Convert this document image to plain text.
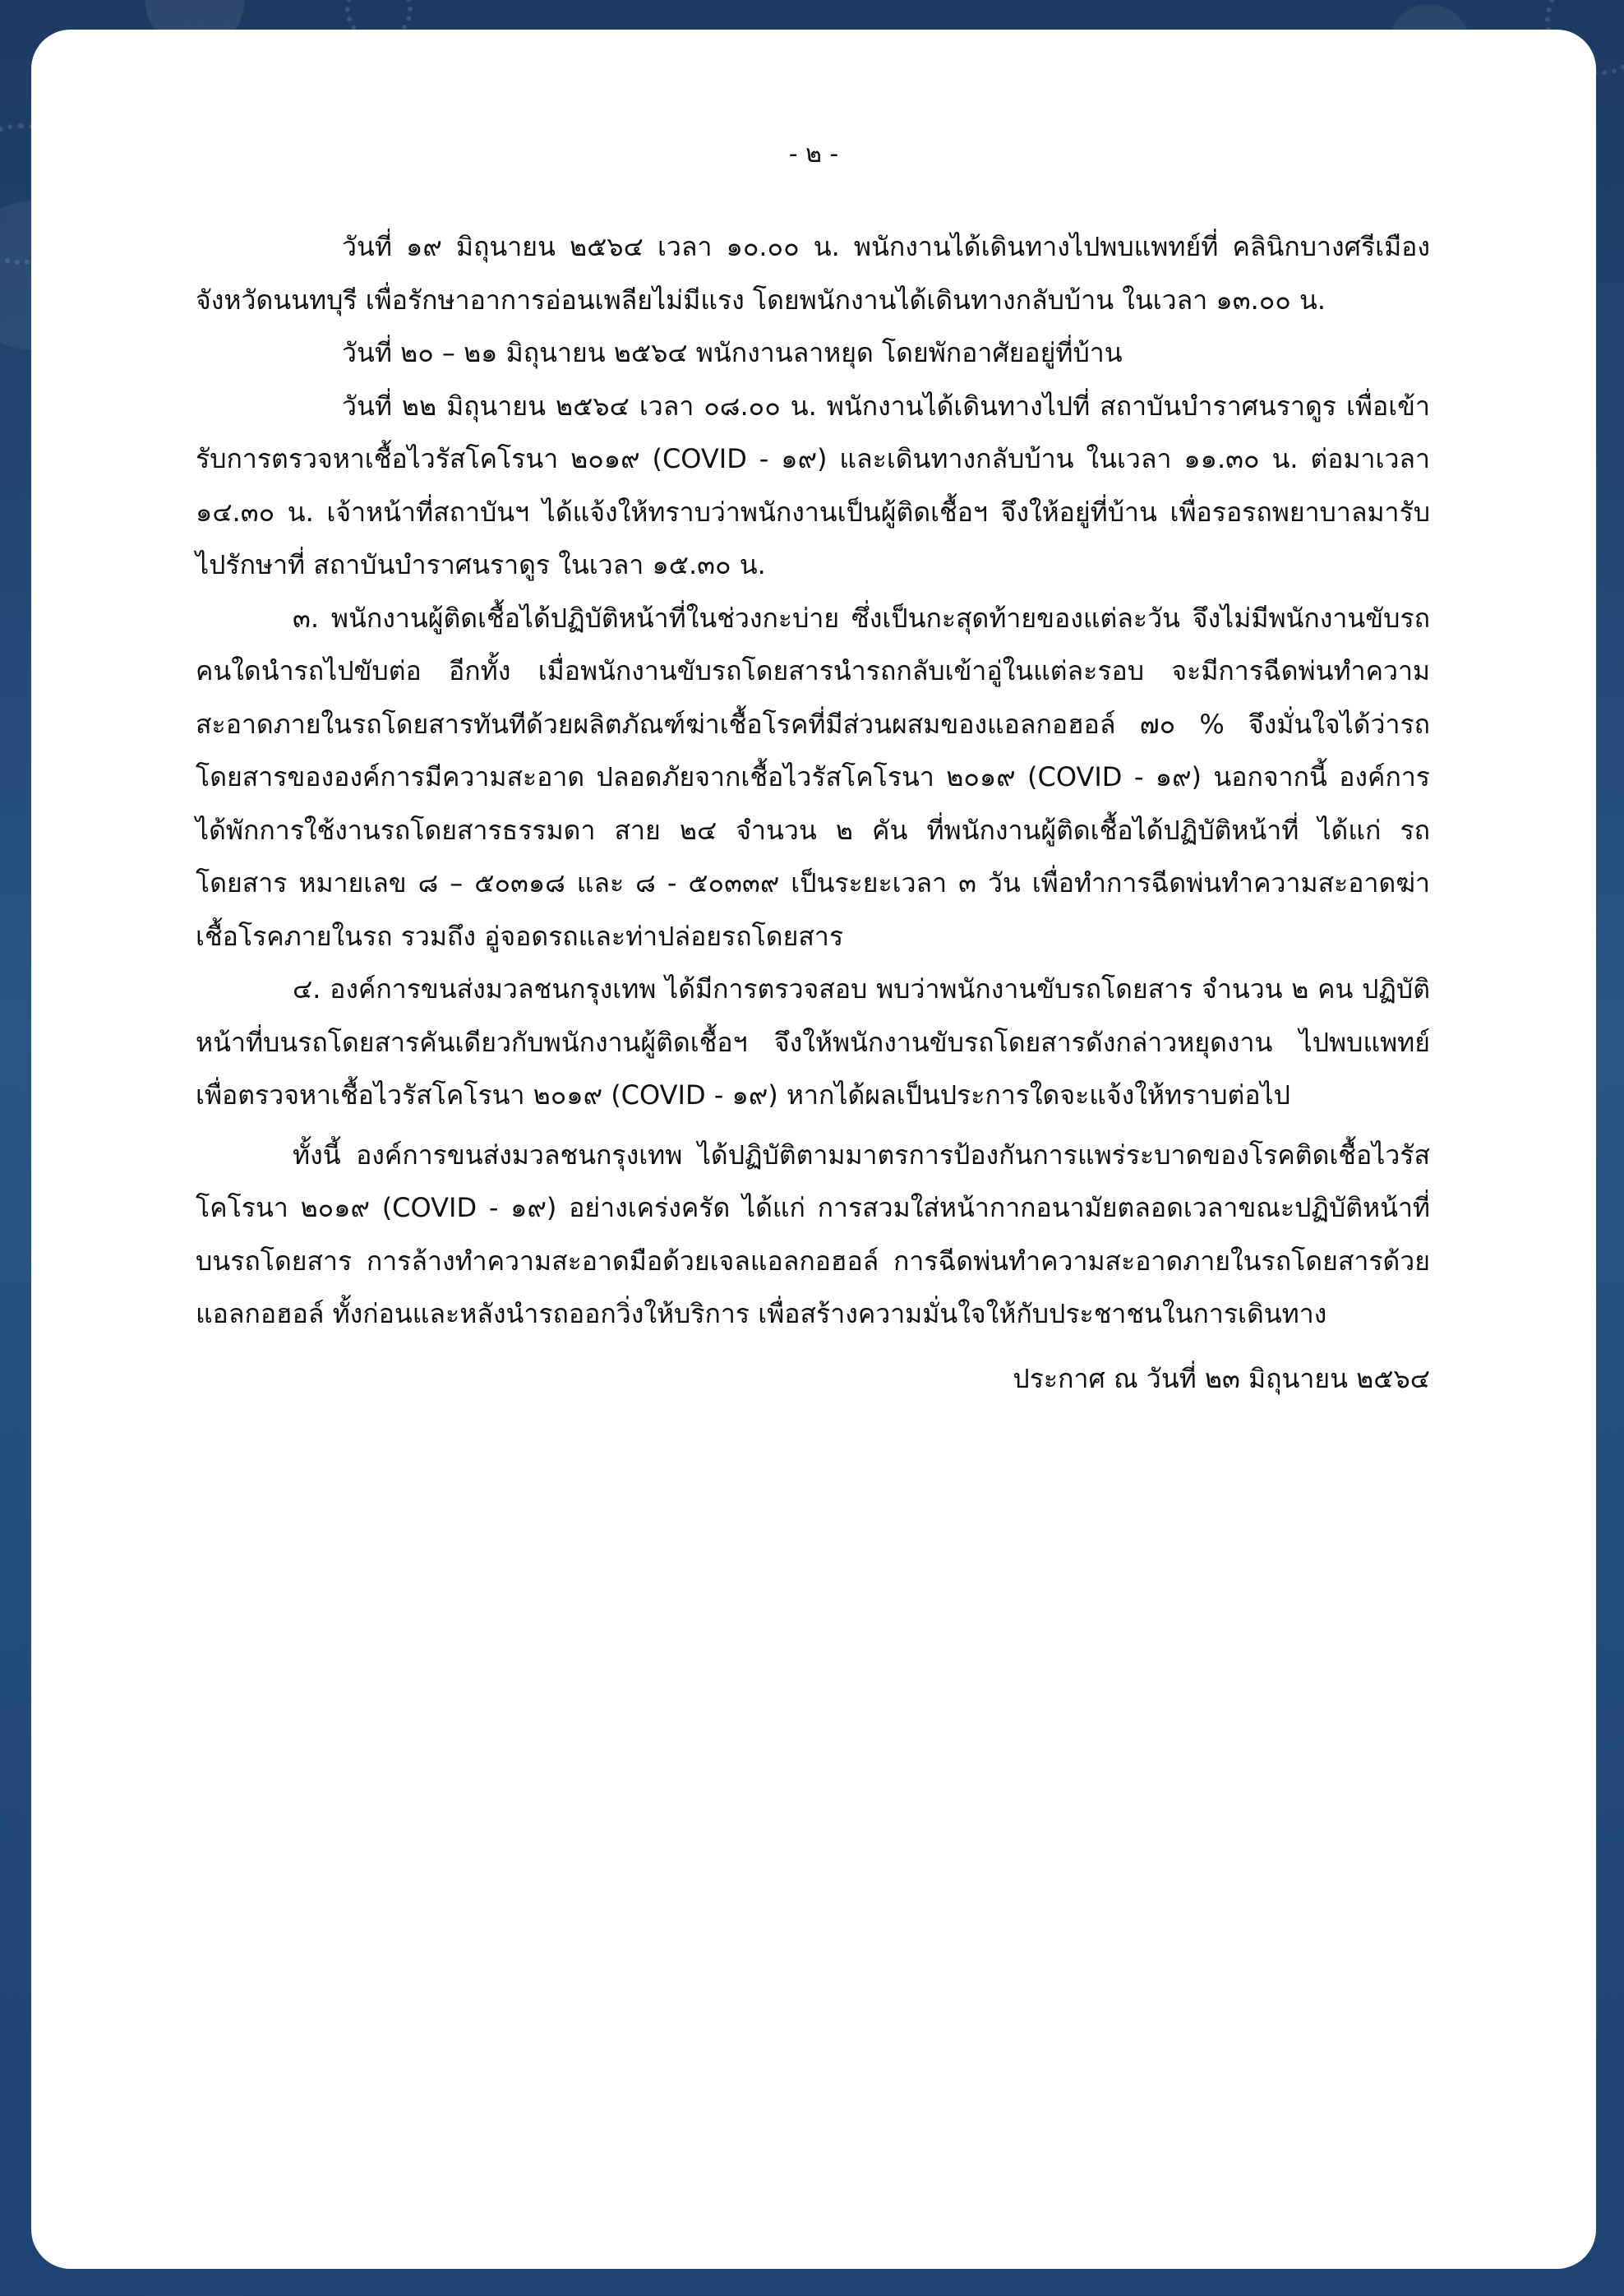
- ๒ -

วันที่ ๑๙ มิถุนายน ๒๕๖๔ เวลา ๑๐.๐๐ น. พนักงานได้เดินทางไปพบแพทย์ที่ คลินิกบางศรีเมือง จังหวัดนนทบุรี เพื่อรักษาอาการอ่อนเพลียไม่มีแรง โดยพนักงานได้เดินทางกลับบ้าน ในเวลา ๑๓.๐๐ น.

วันที่ ๒๐ – ๒๑ มิถุนายน ๒๕๖๔ พนักงานลาหยุด โดยพักอาศัยอยู่ที่บ้าน

วันที่ ๒๒ มิถุนายน ๒๕๖๔ เวลา ๐๘.๐๐ น. พนักงานได้เดินทางไปที่ สถาบันบำราศนราดูร เพื่อเข้ารับการตรวจหาเชื้อไวรัสโคโรนา ๒๐๑๙ (COVID - ๑๙) และเดินทางกลับบ้าน ในเวลา ๑๑.๓๐ น. ต่อมาเวลา ๑๔.๓๐ น. เจ้าหน้าที่สถาบันฯ ได้แจ้งให้ทราบว่าพนักงานเป็นผู้ติดเชื้อฯ จึงให้อยู่ที่บ้าน เพื่อรอรถพยาบาลมารับไปรักษาที่ สถาบันบำราศนราดูร ในเวลา ๑๕.๓๐ น.

๓. พนักงานผู้ติดเชื้อได้ปฏิบัติหน้าที่ในช่วงกะบ่าย ซึ่งเป็นกะสุดท้ายของแต่ละวัน จึงไม่มีพนักงานขับรถคนใดนำรถไปขับต่อ อีกทั้ง เมื่อพนักงานขับรถโดยสารนำรถกลับเข้าอู่ในแต่ละรอบ จะมีการฉีดพ่นทำความสะอาดภายในรถโดยสารทันทีด้วยผลิตภัณฑ์ฆ่าเชื้อโรคที่มีส่วนผสมของแอลกอฮอล์ ๗๐ % จึงมั่นใจได้ว่ารถโดยสารขององค์การมีความสะอาด ปลอดภัยจากเชื้อไวรัสโคโรนา ๒๐๑๙ (COVID - ๑๙) นอกจากนี้ องค์การได้พักการใช้งานรถโดยสารธรรมดา สาย ๒๔ จำนวน ๒ คัน ที่พนักงานผู้ติดเชื้อได้ปฏิบัติหน้าที่ ได้แก่ รถโดยสาร หมายเลข ๘ – ๕๐๓๑๘ และ ๘ - ๕๐๓๓๙ เป็นระยะเวลา ๓ วัน เพื่อทำการฉีดพ่นทำความสะอาดฆ่าเชื้อโรคภายในรถ รวมถึง อู่จอดรถและท่าปล่อยรถโดยสาร

๔. องค์การขนส่งมวลชนกรุงเทพ ได้มีการตรวจสอบ พบว่าพนักงานขับรถโดยสาร จำนวน ๒ คน ปฏิบัติหน้าที่บนรถโดยสารคันเดียวกับพนักงานผู้ติดเชื้อฯ จึงให้พนักงานขับรถโดยสารดังกล่าวหยุดงาน ไปพบแพทย์ เพื่อตรวจหาเชื้อไวรัสโคโรนา ๒๐๑๙ (COVID - ๑๙) หากได้ผลเป็นประการใดจะแจ้งให้ทราบต่อไป

ทั้งนี้ องค์การขนส่งมวลชนกรุงเทพ ได้ปฏิบัติตามมาตรการป้องกันการแพร่ระบาดของโรคติดเชื้อไวรัสโคโรนา ๒๐๑๙ (COVID - ๑๙) อย่างเคร่งครัด ได้แก่ การสวมใส่หน้ากากอนามัยตลอดเวลาขณะปฏิบัติหน้าที่บนรถโดยสาร การล้างทำความสะอาดมือด้วยเจลแอลกอฮอล์ การฉีดพ่นทำความสะอาดภายในรถโดยสารด้วยแอลกอฮอล์ ทั้งก่อนและหลังนำรถออกวิ่งให้บริการ เพื่อสร้างความมั่นใจให้กับประชาชนในการเดินทาง

ประกาศ ณ วันที่ ๒๓ มิถุนายน ๒๕๖๔
